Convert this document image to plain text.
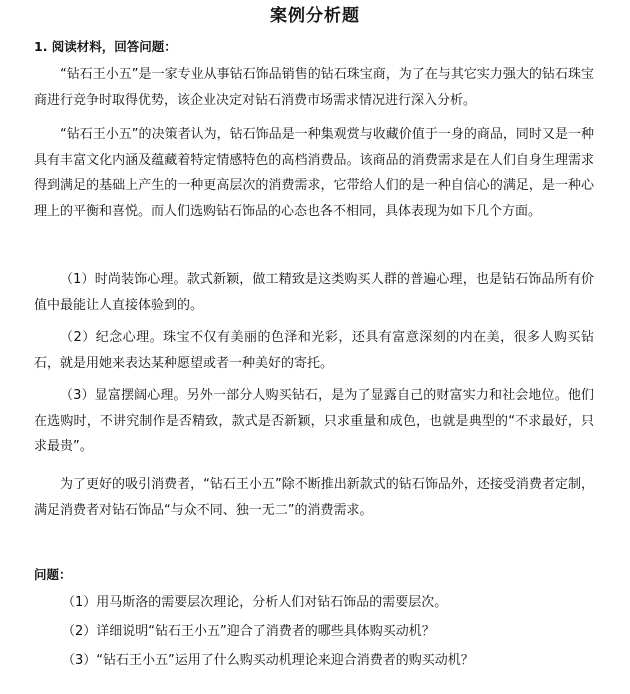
案例分析题
1. 阅读材料，回答问题：

“钻石王小五”是一家专业从事钻石饰品销售的钻石珠宝商，为了在与其它实力强大的钻石珠宝商进行竞争时取得优势，该企业决定对钻石消费市场需求情况进行深入分析。

“钻石王小五”的决策者认为，钻石饰品是一种集观赏与收藏价值于一身的商品，同时又是一种具有丰富文化内涵及蕴藏着特定情感特色的高档消费品。该商品的消费需求是在人们自身生理需求得到满足的基础上产生的一种更高层次的消费需求，它带给人们的是一种自信心的满足，是一种心理上的平衡和喜悦。而人们选购钻石饰品的心态也各不相同，具体表现为如下几个方面。

（1）时尚装饰心理。款式新颖，做工精致是这类购买人群的普遍心理，也是钻石饰品所有价值中最能让人直接体验到的。

（2）纪念心理。珠宝不仅有美丽的色泽和光彩，还具有富意深刻的内在美，很多人购买钻石，就是用她来表达某种愿望或者一种美好的寄托。

（3）显富摆阔心理。另外一部分人购买钻石，是为了显露自己的财富实力和社会地位。他们在选购时，不讲究制作是否精致，款式是否新颖，只求重量和成色，也就是典型的“不求最好，只求最贵”。

为了更好的吸引消费者，“钻石王小五”除不断推出新款式的钻石饰品外，还接受消费者定制，满足消费者对钻石饰品“与众不同、独一无二”的消费需求。

问题：
（1）用马斯洛的需要层次理论，分析人们对钻石饰品的需要层次。
（2）详细说明“钻石王小五”迎合了消费者的哪些具体购买动机？
（3）“钻石王小五”运用了什么购买动机理论来迎合消费者的购买动机？
